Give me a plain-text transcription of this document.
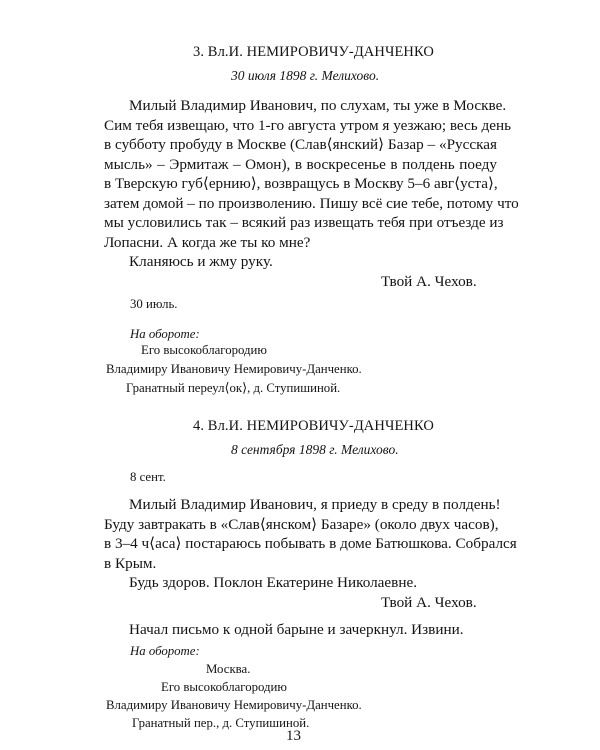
3. Вл.И. НЕМИРОВИЧУ-ДАНЧЕНКО
30 июля 1898 г. Мелихово.
Милый Владимир Иванович, по слухам, ты уже в Москве.
Сим тебя извещаю, что 1-го августа утром я уезжаю; весь день
в субботу пробуду в Москве (Слав⟨янский⟩ Базар – «Русская
мысль» – Эрмитаж – Омон), в воскресенье в полдень поеду
в Тверскую губ⟨ернию⟩, возвращусь в Москву 5–6 авг⟨уста⟩,
затем домой – по произволению. Пишу всё сие тебе, потому что
мы условились так – всякий раз извещать тебя при отъезде из
Лопасни. А когда же ты ко мне?
Кланяюсь и жму руку.
Твой А. Чехов.
30 июль.
На обороте:
Его высокоблагородию
Владимиру Ивановичу Немировичу-Данченко.
Гранатный переул⟨ок⟩, д. Ступишиной.
4. Вл.И. НЕМИРОВИЧУ-ДАНЧЕНКО
8 сентября 1898 г. Мелихово.
8 сент.
Милый Владимир Иванович, я приеду в среду в полдень!
Буду завтракать в «Слав⟨янском⟩ Базаре» (около двух часов),
в 3–4 ч⟨аса⟩ постараюсь побывать в доме Батюшкова. Собрался
в Крым.
Будь здоров. Поклон Екатерине Николаевне.
Твой А. Чехов.
Начал письмо к одной барыне и зачеркнул. Извини.
На обороте:
Москва.
Его высокоблагородию
Владимиру Ивановичу Немировичу-Данченко.
Гранатный пер., д. Ступишиной.
13
